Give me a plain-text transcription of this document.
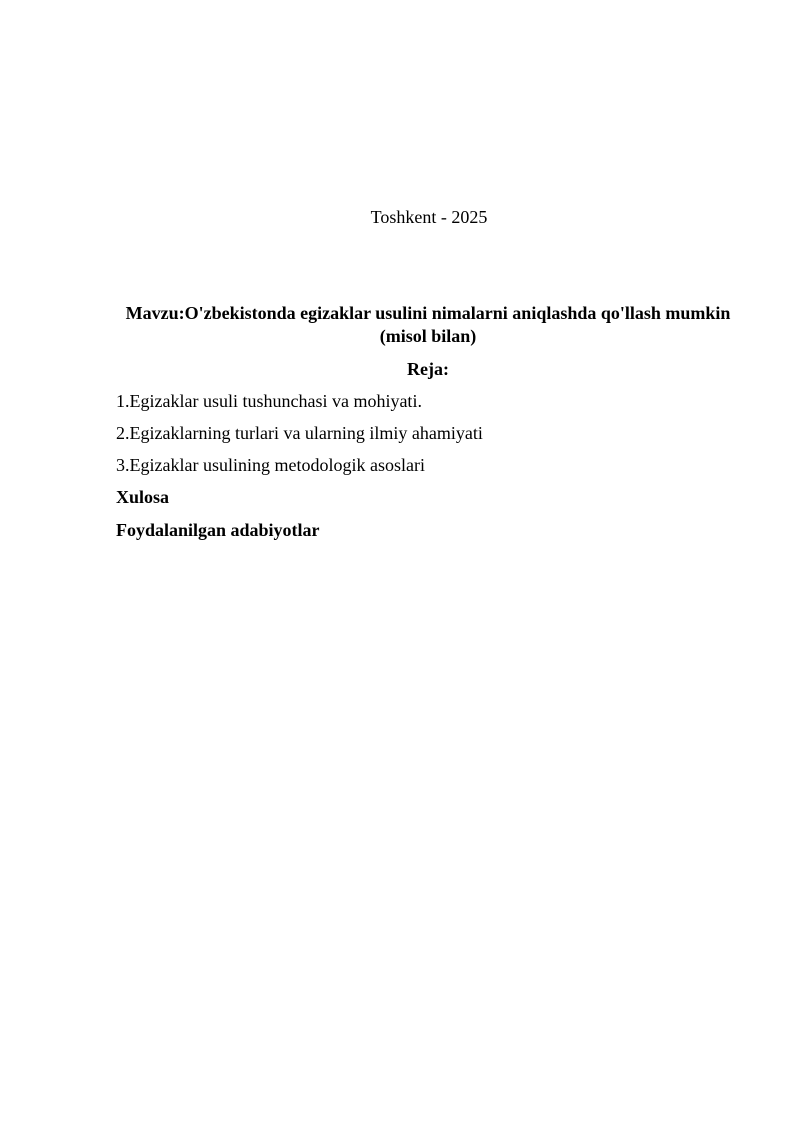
Toshkent - 2025
Mavzu:O'zbekistonda egizaklar usulini nimalarni aniqlashda qo'llash mumkin (misol bilan)
Reja:
1.Egizaklar usuli tushunchasi va mohiyati.
2.Egizaklarning turlari va ularning ilmiy ahamiyati
3.Egizaklar usulining metodologik asoslari
Xulosa
Foydalanilgan adabiyotlar
